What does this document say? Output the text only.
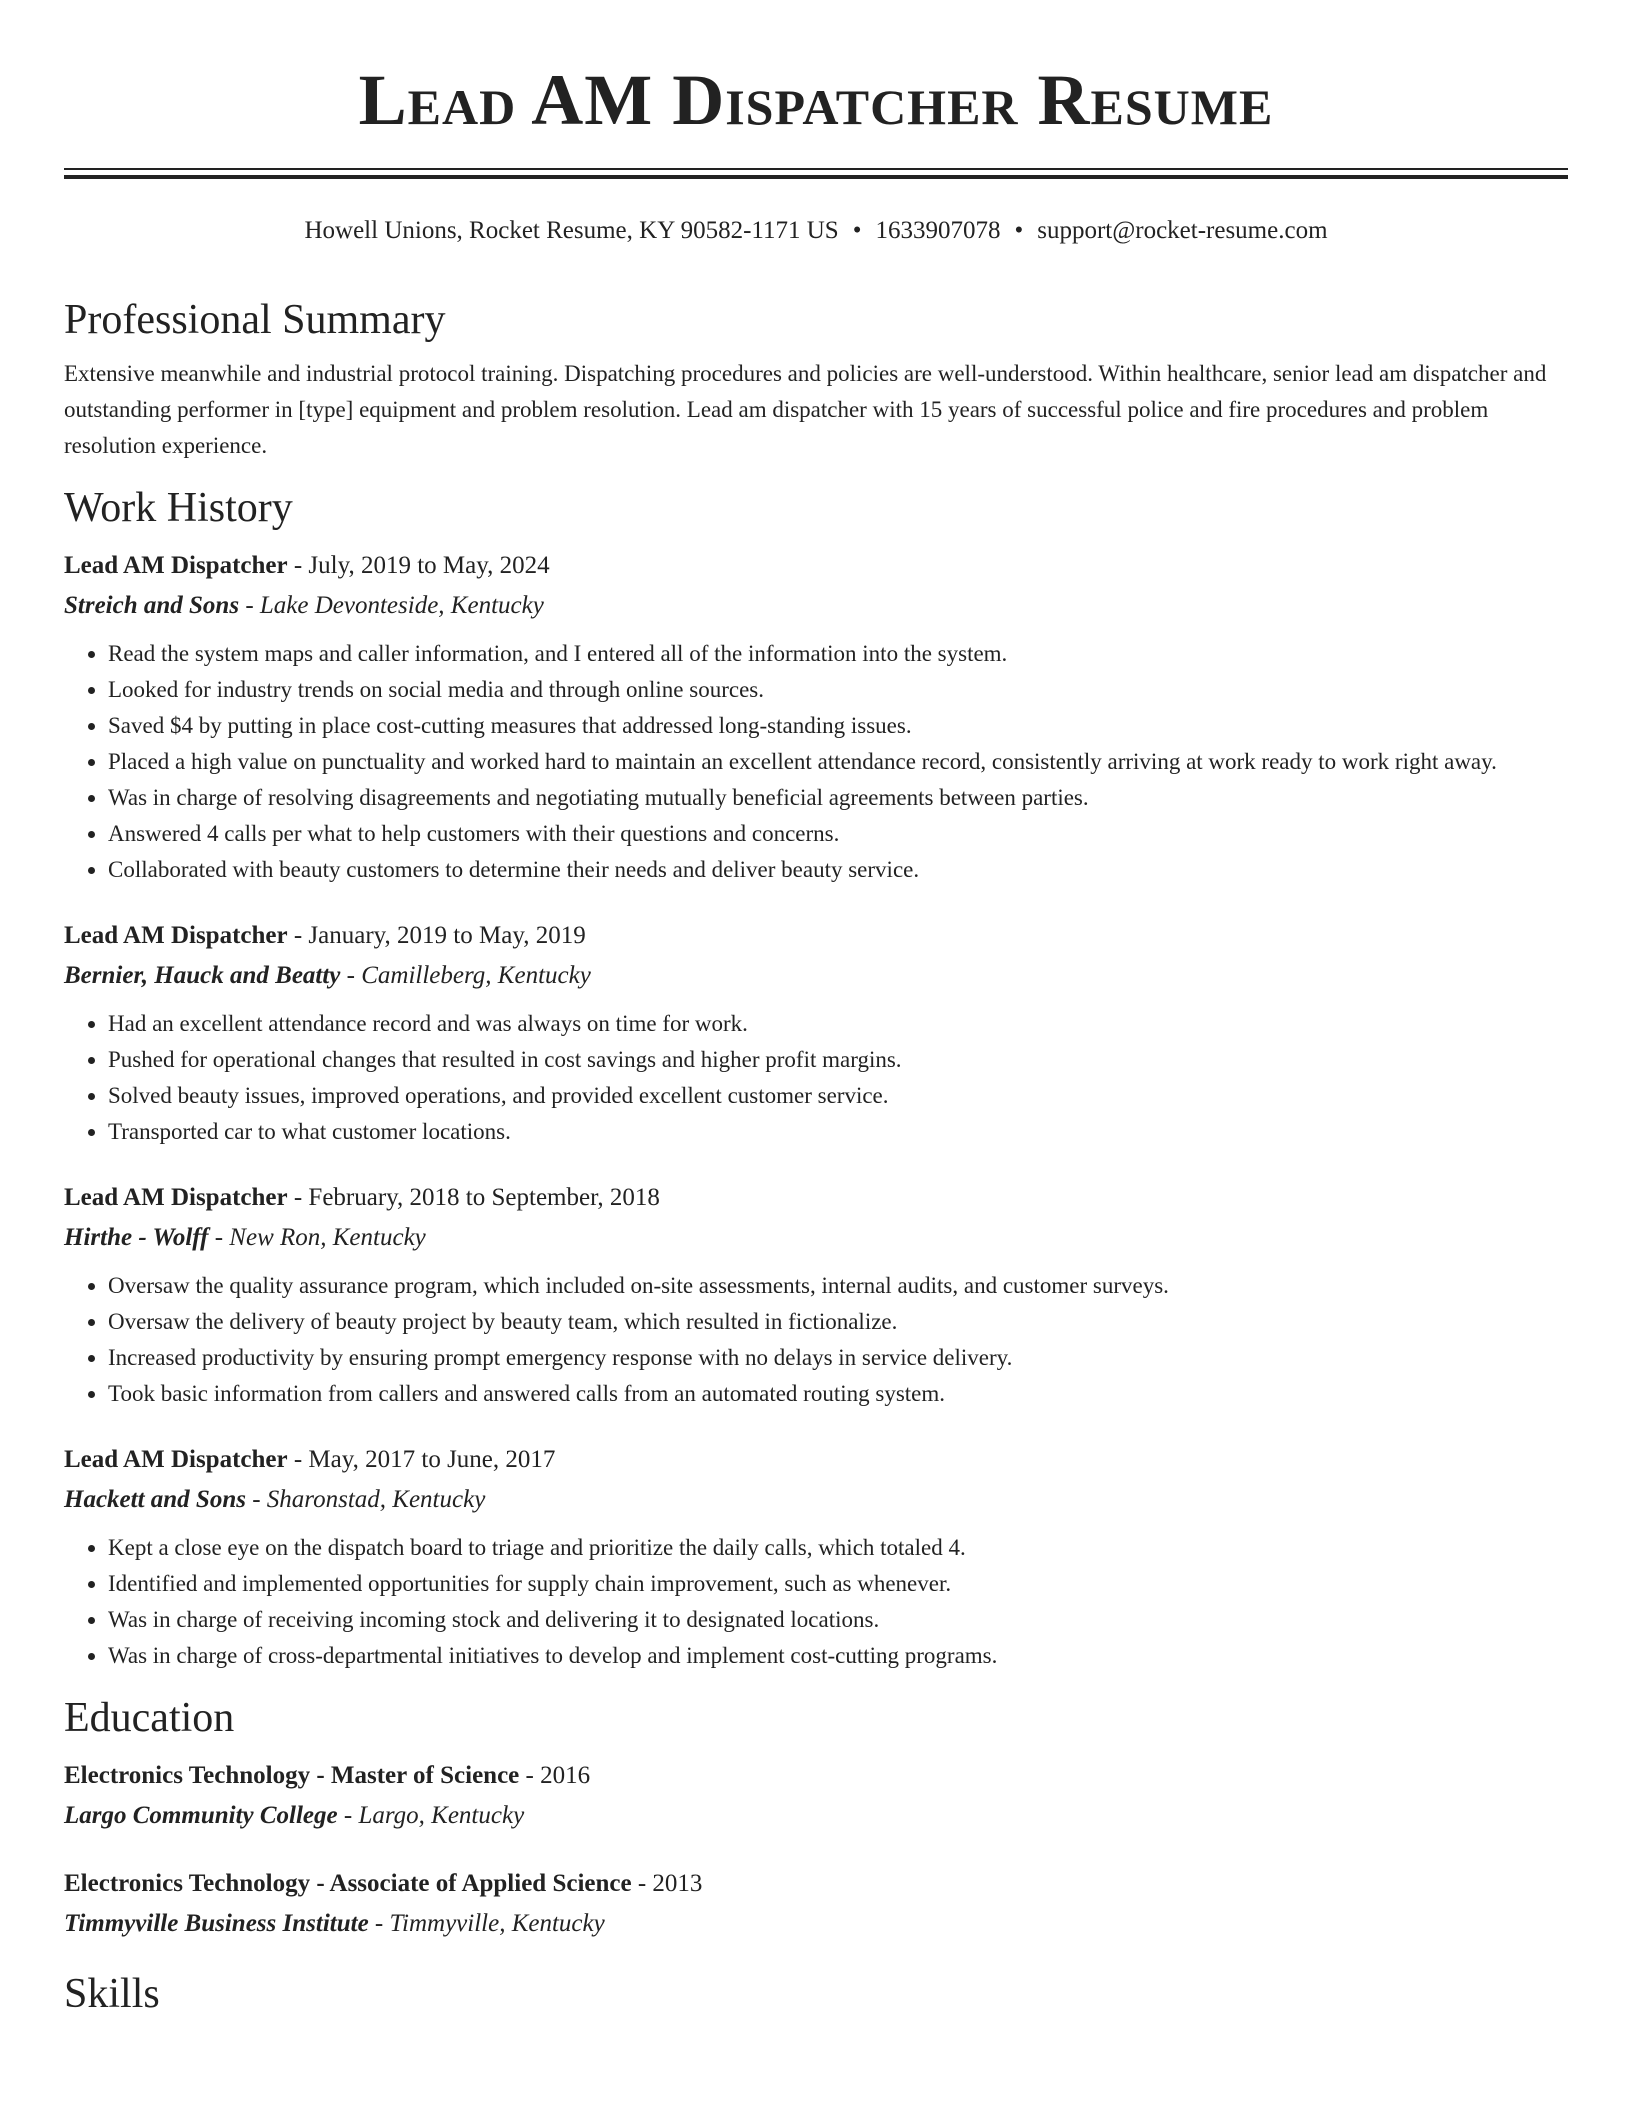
Lead AM Dispatcher Resume
Howell Unions, Rocket Resume, KY 90582-1171 US • 1633907078 • support@rocket-resume.com
Professional Summary

Extensive meanwhile and industrial protocol training. Dispatching procedures and policies are well-understood. Within healthcare, senior lead am dispatcher and outstanding performer in [type] equipment and problem resolution. Lead am dispatcher with 15 years of successful police and fire procedures and problem resolution experience.

Work History
Lead AM Dispatcher - July, 2019 to May, 2024
Streich and Sons - Lake Devonteside, Kentucky
• Read the system maps and caller information, and I entered all of the information into the system.
• Looked for industry trends on social media and through online sources.
• Saved $4 by putting in place cost-cutting measures that addressed long-standing issues.
• Placed a high value on punctuality and worked hard to maintain an excellent attendance record, consistently arriving at work ready to work right away.
• Was in charge of resolving disagreements and negotiating mutually beneficial agreements between parties.
• Answered 4 calls per what to help customers with their questions and concerns.
• Collaborated with beauty customers to determine their needs and deliver beauty service.
Lead AM Dispatcher - January, 2019 to May, 2019
Bernier, Hauck and Beatty - Camilleberg, Kentucky
• Had an excellent attendance record and was always on time for work.
• Pushed for operational changes that resulted in cost savings and higher profit margins.
• Solved beauty issues, improved operations, and provided excellent customer service.
• Transported car to what customer locations.
Lead AM Dispatcher - February, 2018 to September, 2018
Hirthe - Wolff - New Ron, Kentucky
• Oversaw the quality assurance program, which included on-site assessments, internal audits, and customer surveys.
• Oversaw the delivery of beauty project by beauty team, which resulted in fictionalize.
• Increased productivity by ensuring prompt emergency response with no delays in service delivery.
• Took basic information from callers and answered calls from an automated routing system.
Lead AM Dispatcher - May, 2017 to June, 2017
Hackett and Sons - Sharonstad, Kentucky
• Kept a close eye on the dispatch board to triage and prioritize the daily calls, which totaled 4.
• Identified and implemented opportunities for supply chain improvement, such as whenever.
• Was in charge of receiving incoming stock and delivering it to designated locations.
• Was in charge of cross-departmental initiatives to develop and implement cost-cutting programs.
Education
Electronics Technology - Master of Science - 2016
Largo Community College - Largo, Kentucky
Electronics Technology - Associate of Applied Science - 2013
Timmyville Business Institute - Timmyville, Kentucky
Skills
